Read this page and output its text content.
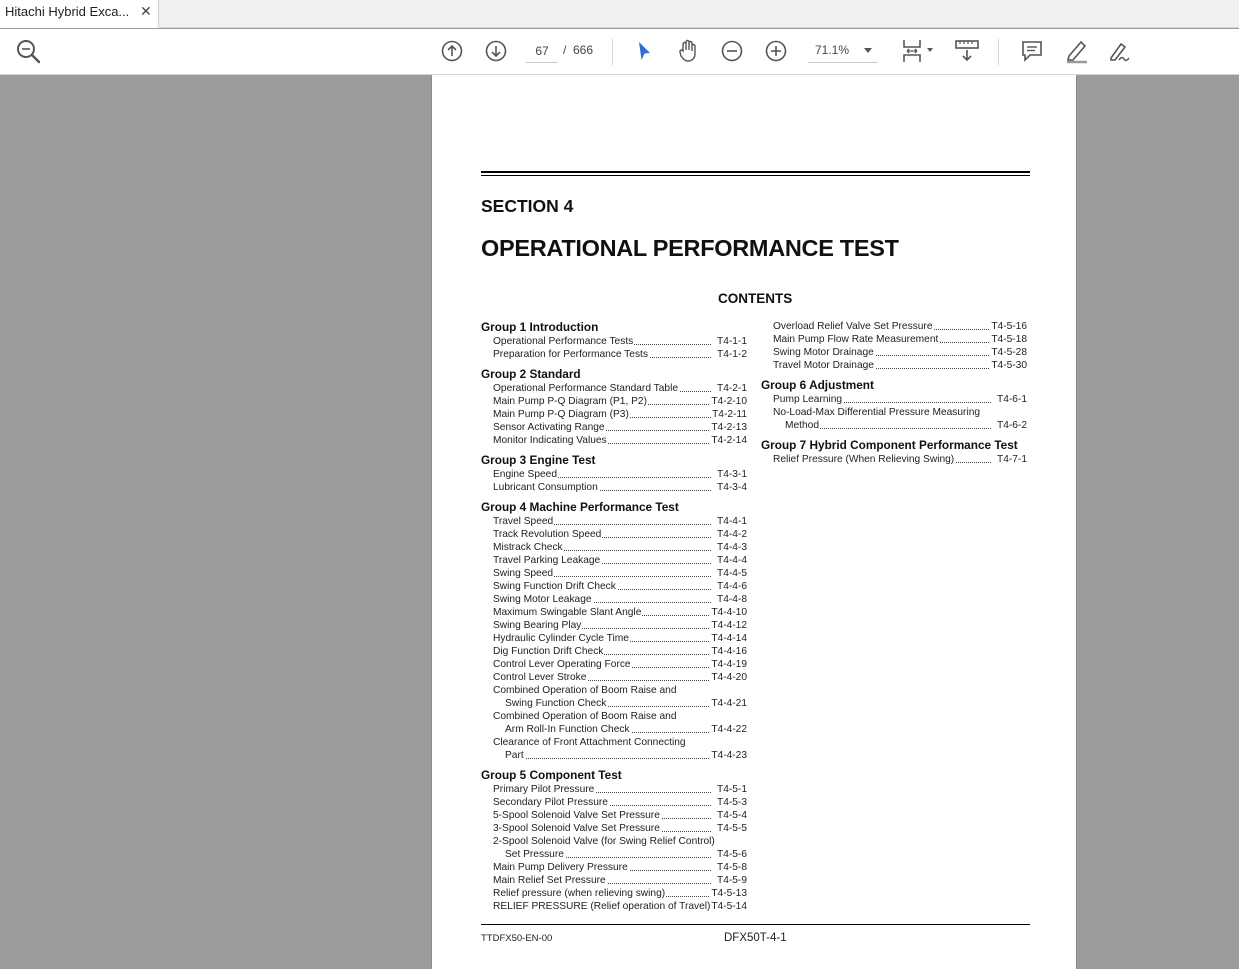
Hitachi Hybrid Exca... ✕
67
/ 666	71.1%
SECTION 4
OPERATIONAL PERFORMANCE TEST
CONTENTS
Group 1 Introduction
Operational Performance Tests	T4-1-1
Preparation for Performance Tests	T4-1-2
Group 2 Standard
Operational Performance Standard Table	T4-2-1
Main Pump P-Q Diagram (P1, P2)	T4-2-10
Main Pump P-Q Diagram (P3)	T4-2-11
Sensor Activating Range	T4-2-13
Monitor Indicating Values	T4-2-14
Group 3 Engine Test
Engine Speed	T4-3-1
Lubricant Consumption	T4-3-4
Group 4 Machine Performance Test
Travel Speed	T4-4-1
Track Revolution Speed	T4-4-2
Mistrack Check	T4-4-3
Travel Parking Leakage	T4-4-4
Swing Speed	T4-4-5
Swing Function Drift Check	T4-4-6
Swing Motor Leakage	T4-4-8
Maximum Swingable Slant Angle	T4-4-10
Swing Bearing Play	T4-4-12
Hydraulic Cylinder Cycle Time	T4-4-14
Dig Function Drift Check	T4-4-16
Control Lever Operating Force	T4-4-19
Control Lever Stroke	T4-4-20
Combined Operation of Boom Raise and
Swing Function Check	T4-4-21
Combined Operation of Boom Raise and
Arm Roll-In Function Check	T4-4-22
Clearance of Front Attachment Connecting
Part	T4-4-23
Group 5 Component Test
Primary Pilot Pressure	T4-5-1
Secondary Pilot Pressure	T4-5-3
5-Spool Solenoid Valve Set Pressure	T4-5-4
3-Spool Solenoid Valve Set Pressure	T4-5-5
2-Spool Solenoid Valve (for Swing Relief Control)
Set Pressure	T4-5-6
Main Pump Delivery Pressure	T4-5-8
Main Relief Set Pressure	T4-5-9
Relief pressure (when relieving swing)	T4-5-13
RELIEF PRESSURE (Relief operation of Travel) T4-5-14
Overload Relief Valve Set Pressure	T4-5-16
Main Pump Flow Rate Measurement	T4-5-18
Swing Motor Drainage	T4-5-28
Travel Motor Drainage	T4-5-30
Group 6 Adjustment
Pump Learning	T4-6-1
No-Load-Max Differential Pressure Measuring
Method	T4-6-2
Group 7 Hybrid Component Performance Test
Relief Pressure (When Relieving Swing)	T4-7-1
TTDFX50-EN-00	DFX50T-4-1
